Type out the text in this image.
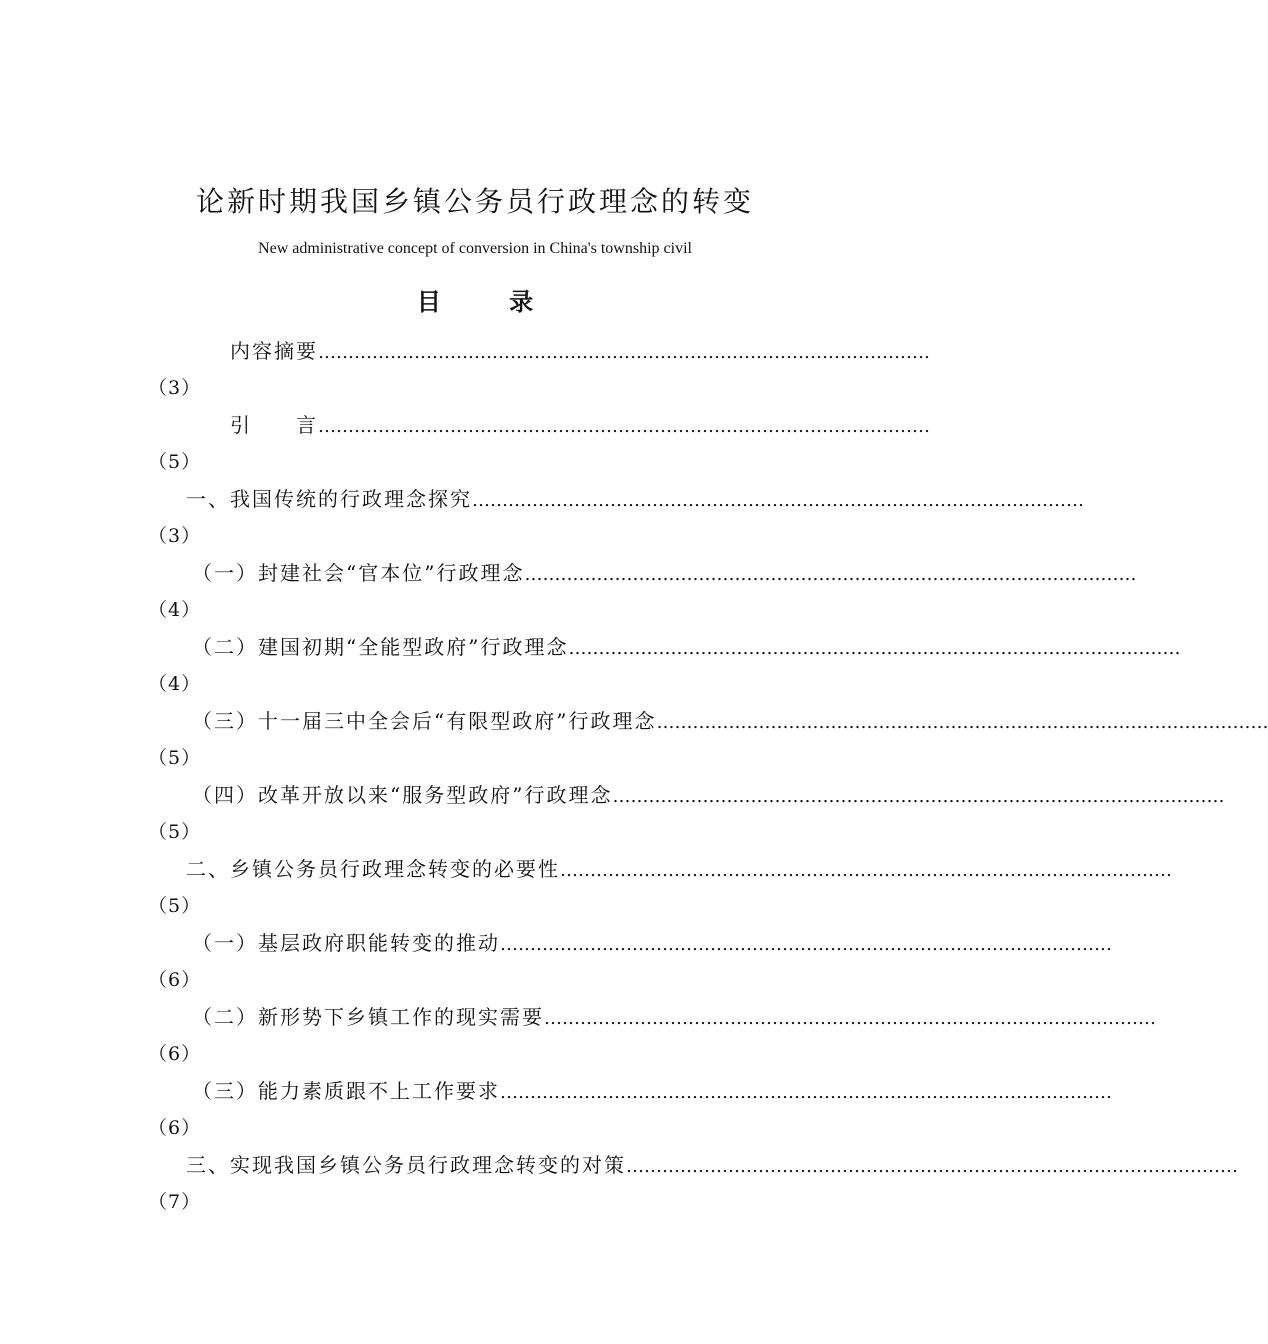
论新时期我国乡镇公务员行政理念的转变
New administrative concept of conversion in China's township civil
目 录
内容摘要 …………………………………………………………………………………………
（3）
引　　言 …………………………………………………………………………………………
（5）
一、我国传统的行政理念探究 …………………………………………………………………………………………
（3）
（一）封建社会“官本位”行政理念 …………………………………………………………………………………………
（4）
（二）建国初期“全能型政府”行政理念 …………………………………………………………………………………………
（4）
（三）十一届三中全会后“有限型政府”行政理念 …………………………………………………………………………………………
（5）
（四）改革开放以来“服务型政府”行政理念 …………………………………………………………………………………………
（5）
二、乡镇公务员行政理念转变的必要性 …………………………………………………………………………………………
（5）
（一）基层政府职能转变的推动 …………………………………………………………………………………………
（6）
（二）新形势下乡镇工作的现实需要 …………………………………………………………………………………………
（6）
（三）能力素质跟不上工作要求 …………………………………………………………………………………………
（6）
三、实现我国乡镇公务员行政理念转变的对策 …………………………………………………………………………………………
（7）
